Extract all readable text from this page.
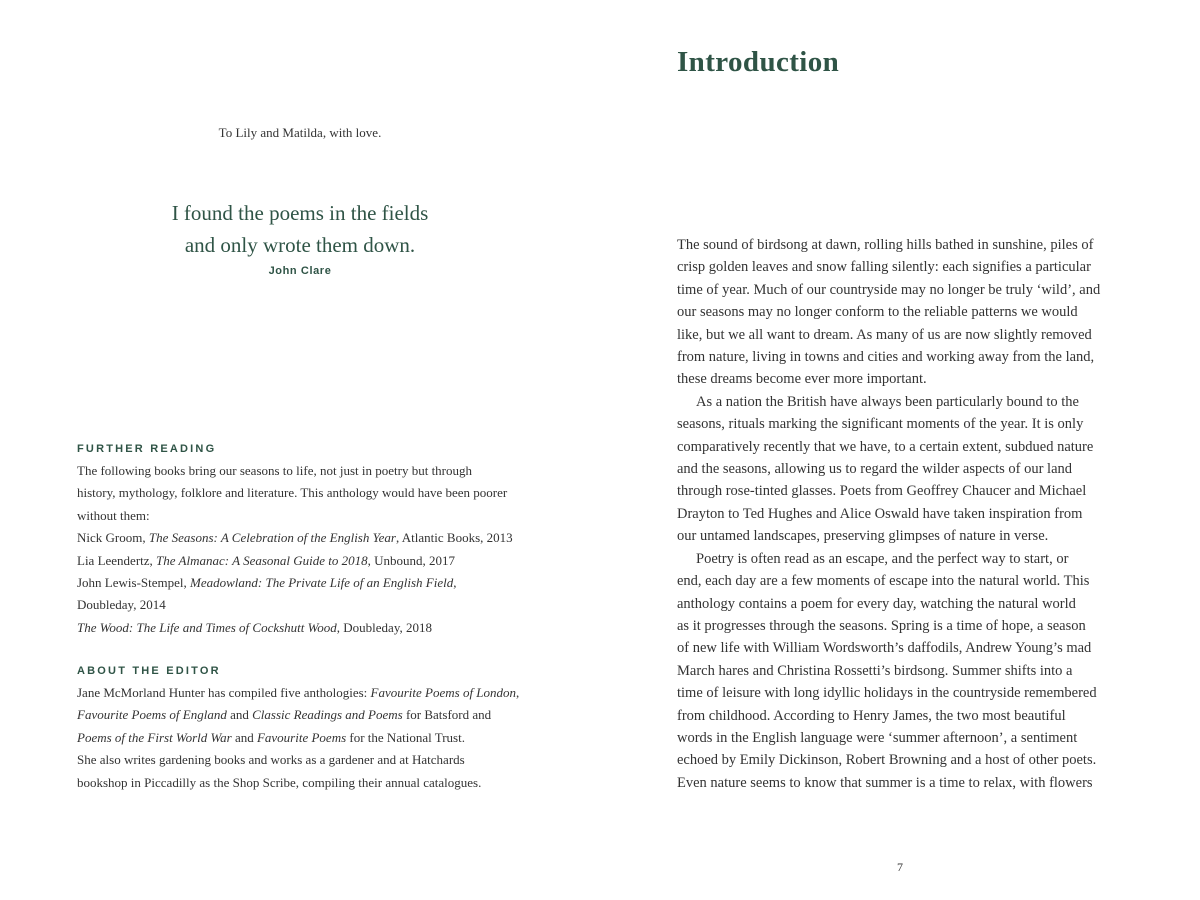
To Lily and Matilda, with love.
I found the poems in the fields
and only wrote them down.
John Clare
FURTHER READING
The following books bring our seasons to life, not just in poetry but through
history, mythology, folklore and literature. This anthology would have been poorer
without them:
Nick Groom, The Seasons: A Celebration of the English Year, Atlantic Books, 2013
Lia Leendertz, The Almanac: A Seasonal Guide to 2018, Unbound, 2017
John Lewis-Stempel, Meadowland: The Private Life of an English Field,
Doubleday, 2014
The Wood: The Life and Times of Cockshutt Wood, Doubleday, 2018
ABOUT THE EDITOR
Jane McMorland Hunter has compiled five anthologies: Favourite Poems of London,
Favourite Poems of England and Classic Readings and Poems for Batsford and
Poems of the First World War and Favourite Poems for the National Trust.
She also writes gardening books and works as a gardener and at Hatchards
bookshop in Piccadilly as the Shop Scribe, compiling their annual catalogues.
Introduction
The sound of birdsong at dawn, rolling hills bathed in sunshine, piles of
crisp golden leaves and snow falling silently: each signifies a particular
time of year. Much of our countryside may no longer be truly ‘wild’, and
our seasons may no longer conform to the reliable patterns we would
like, but we all want to dream. As many of us are now slightly removed
from nature, living in towns and cities and working away from the land,
these dreams become ever more important.
As a nation the British have always been particularly bound to the
seasons, rituals marking the significant moments of the year. It is only
comparatively recently that we have, to a certain extent, subdued nature
and the seasons, allowing us to regard the wilder aspects of our land
through rose-tinted glasses. Poets from Geoffrey Chaucer and Michael
Drayton to Ted Hughes and Alice Oswald have taken inspiration from
our untamed landscapes, preserving glimpses of nature in verse.
Poetry is often read as an escape, and the perfect way to start, or
end, each day are a few moments of escape into the natural world. This
anthology contains a poem for every day, watching the natural world
as it progresses through the seasons. Spring is a time of hope, a season
of new life with William Wordsworth’s daffodils, Andrew Young’s mad
March hares and Christina Rossetti’s birdsong. Summer shifts into a
time of leisure with long idyllic holidays in the countryside remembered
from childhood. According to Henry James, the two most beautiful
words in the English language were ‘summer afternoon’, a sentiment
echoed by Emily Dickinson, Robert Browning and a host of other poets.
Even nature seems to know that summer is a time to relax, with flowers
7
